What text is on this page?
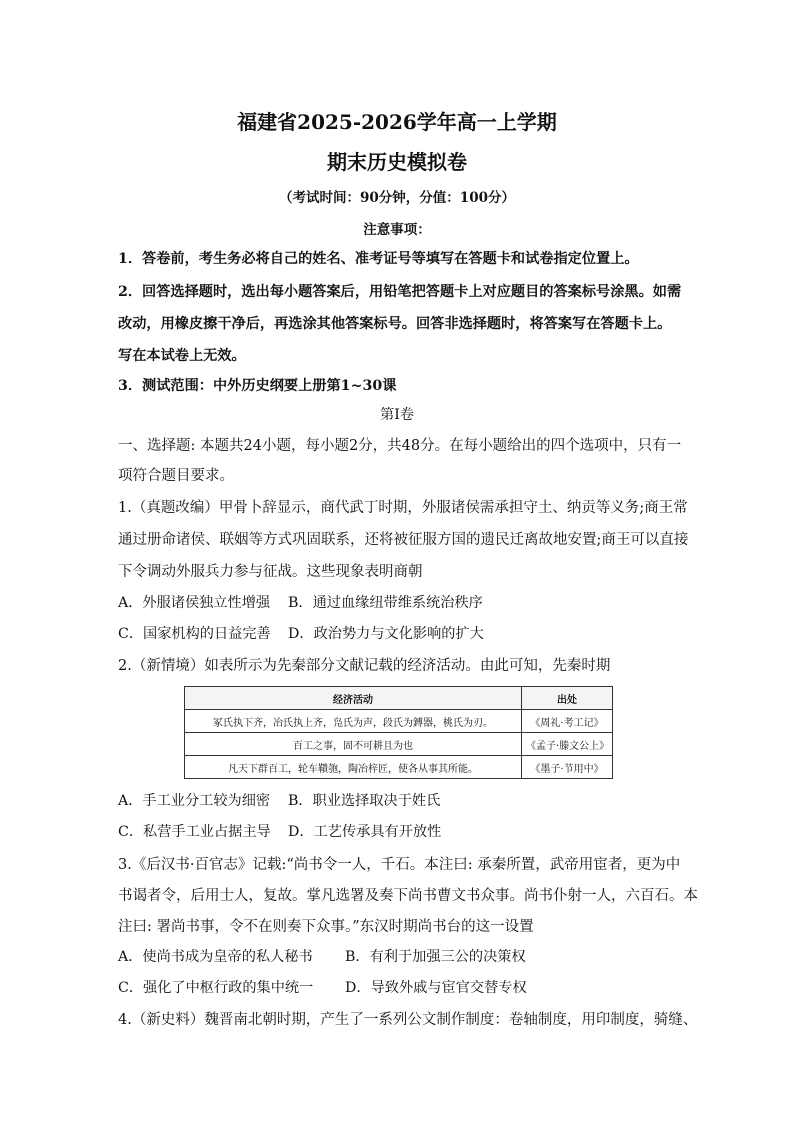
福建省2025-2026学年高一上学期
期末历史模拟卷
（考试时间：90分钟，分值：100分）
注意事项：
1．答卷前，考生务必将自己的姓名、准考证号等填写在答题卡和试卷指定位置上。
2．回答选择题时，选出每小题答案后，用铅笔把答题卡上对应题目的答案标号涂黑。如需
改动，用橡皮擦干净后，再选涂其他答案标号。回答非选择题时，将答案写在答题卡上。
写在本试卷上无效。
3．测试范围：中外历史纲要上册第1~30课
第Ⅰ卷
一、选择题: 本题共24小题，每小题2分，共48分。在每小题给出的四个选项中，只有一
项符合题目要求。
1.（真题改编）甲骨卜辞显示，商代武丁时期，外服诸侯需承担守土、纳贡等义务;商王常
通过册命诸侯、联姻等方式巩固联系，还将被征服方国的遗民迁离故地安置;商王可以直接
下令调动外服兵力参与征战。这些现象表明商朝
A．外服诸侯独立性增强 B．通过血缘纽带维系统治秩序
C．国家机构的日益完善 D．政治势力与文化影响的扩大
2.（新情境）如表所示为先秦部分文献记载的经济活动。由此可知，先秦时期
经济活动	出处
冢氏执下齐，冶氏执上齐，凫氏为声，段氏为鎛器，桃氏为刃。	《周礼·考工记》
百工之事，固不可耕且为也	《孟子·滕文公上》
凡天下群百工，轮车鞼匏，陶冶梓匠，使各从事其所能。	《墨子·节用中》
A．手工业分工较为细密 B．职业选择取决于姓氏
C．私营手工业占据主导 D．工艺传承具有开放性
3.《后汉书·百官志》记载:“尚书令一人，千石。本注曰: 承秦所置，武帝用宦者，更为中
书谒者令，后用士人，复故。掌凡选署及奏下尚书曹文书众事。尚书仆射一人，六百石。本
注曰: 署尚书事，令不在则奏下众事。”东汉时期尚书台的这一设置
A．使尚书成为皇帝的私人秘书 B．有利于加强三公的决策权
C．强化了中枢行政的集中统一 D．导致外戚与宦官交替专权
4.（新史料）魏晋南北朝时期，产生了一系列公文制作制度：卷轴制度，用印制度，骑缝、
